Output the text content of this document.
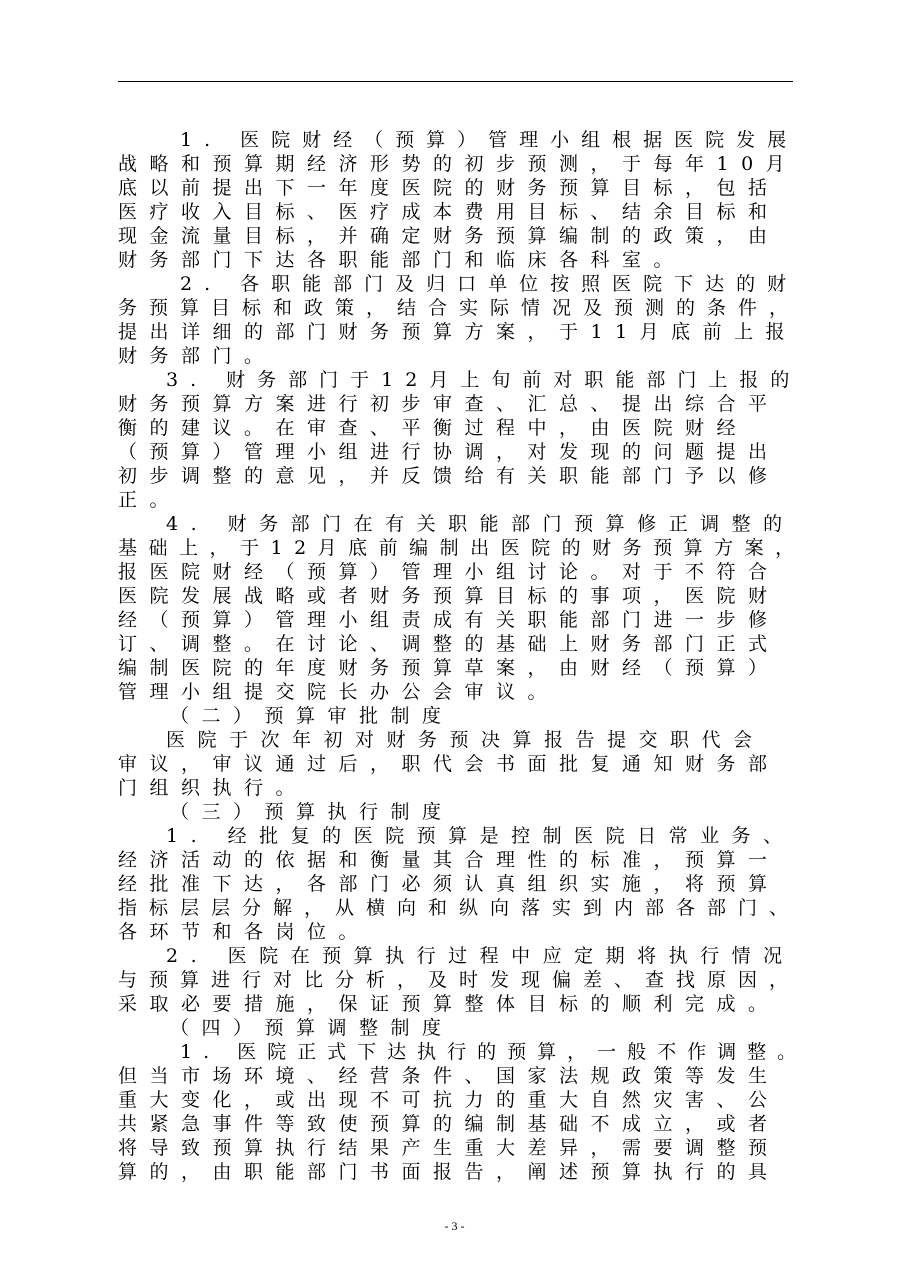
1. 医院财经（预算）管理小组根据医院发展
战略和预算期经济形势的初步预测，于每年10月
底以前提出下一年度医院的财务预算目标，包括
医疗收入目标、医疗成本费用目标、结余目标和
现金流量目标，并确定财务预算编制的政策，由
财务部门下达各职能部门和临床各科室。
2. 各职能部门及归口单位按照医院下达的财
务预算目标和政策，结合实际情况及预测的条件，
提出详细的部门财务预算方案，于11月底前上报
财务部门。
3. 财务部门于12月上旬前对职能部门上报的
财务预算方案进行初步审查、汇总、提出综合平
衡的建议。在审查、平衡过程中，由医院财经
（预算）管理小组进行协调，对发现的问题提出
初步调整的意见，并反馈给有关职能部门予以修
正。
4. 财务部门在有关职能部门预算修正调整的
基础上，于12月底前编制出医院的财务预算方案，
报医院财经（预算）管理小组讨论。对于不符合
医院发展战略或者财务预算目标的事项，医院财
经（预算）管理小组责成有关职能部门进一步修
订、调整。在讨论、调整的基础上财务部门正式
编制医院的年度财务预算草案，由财经（预算）
管理小组提交院长办公会审议。
（二）预算审批制度
医院于次年初对财务预决算报告提交职代会
审议，审议通过后，职代会书面批复通知财务部
门组织执行。
（三）预算执行制度
1. 经批复的医院预算是控制医院日常业务、
经济活动的依据和衡量其合理性的标准，预算一
经批准下达，各部门必须认真组织实施，将预算
指标层层分解，从横向和纵向落实到内部各部门、
各环节和各岗位。
2. 医院在预算执行过程中应定期将执行情况
与预算进行对比分析，及时发现偏差、查找原因，
采取必要措施，保证预算整体目标的顺利完成。
（四）预算调整制度
1. 医院正式下达执行的预算，一般不作调整。
但当市场环境、经营条件、国家法规政策等发生
重大变化，或出现不可抗力的重大自然灾害、公
共紧急事件等致使预算的编制基础不成立，或者
将导致预算执行结果产生重大差异，需要调整预
算的，由职能部门书面报告，阐述预算执行的具
- 3 -
